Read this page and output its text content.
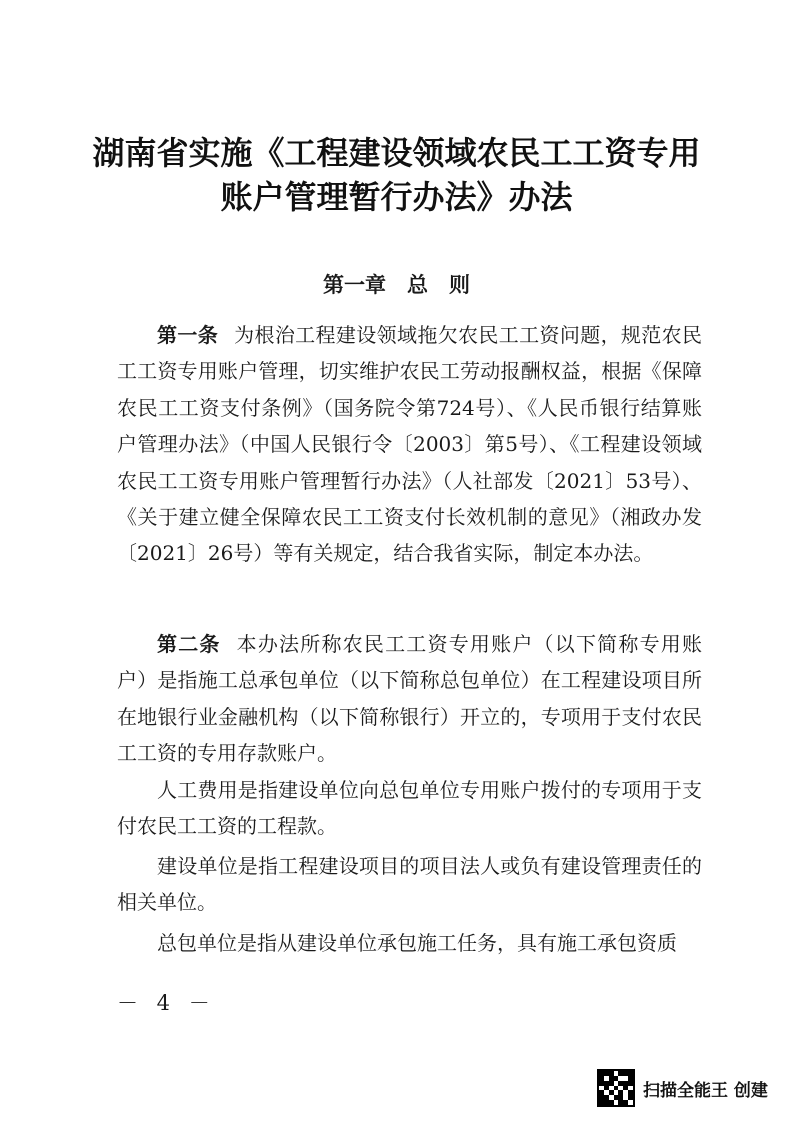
湖南省实施《工程建设领域农民工工资专用
账户管理暂行办法》办法
第一章　总　则

第一条 为根治工程建设领域拖欠农民工工资问题，规范农民工工资专用账户管理，切实维护农民工劳动报酬权益，根据《保障农民工工资支付条例》（国务院令第724号）、《人民币银行结算账户管理办法》（中国人民银行令〔2003〕第5号）、《工程建设领域农民工工资专用账户管理暂行办法》（人社部发〔2021〕53号）、《关于建立健全保障农民工工资支付长效机制的意见》（湘政办发〔2021〕26号）等有关规定，结合我省实际，制定本办法。

第二条 本办法所称农民工工资专用账户（以下简称专用账户）是指施工总承包单位（以下简称总包单位）在工程建设项目所在地银行业金融机构（以下简称银行）开立的，专项用于支付农民工工资的专用存款账户。

人工费用是指建设单位向总包单位专用账户拨付的专项用于支付农民工工资的工程款。

建设单位是指工程建设项目的项目法人或负有建设管理责任的相关单位。

总包单位是指从建设单位承包施工任务，具有施工承包资质

－ 4 －
扫描全能王 创建
